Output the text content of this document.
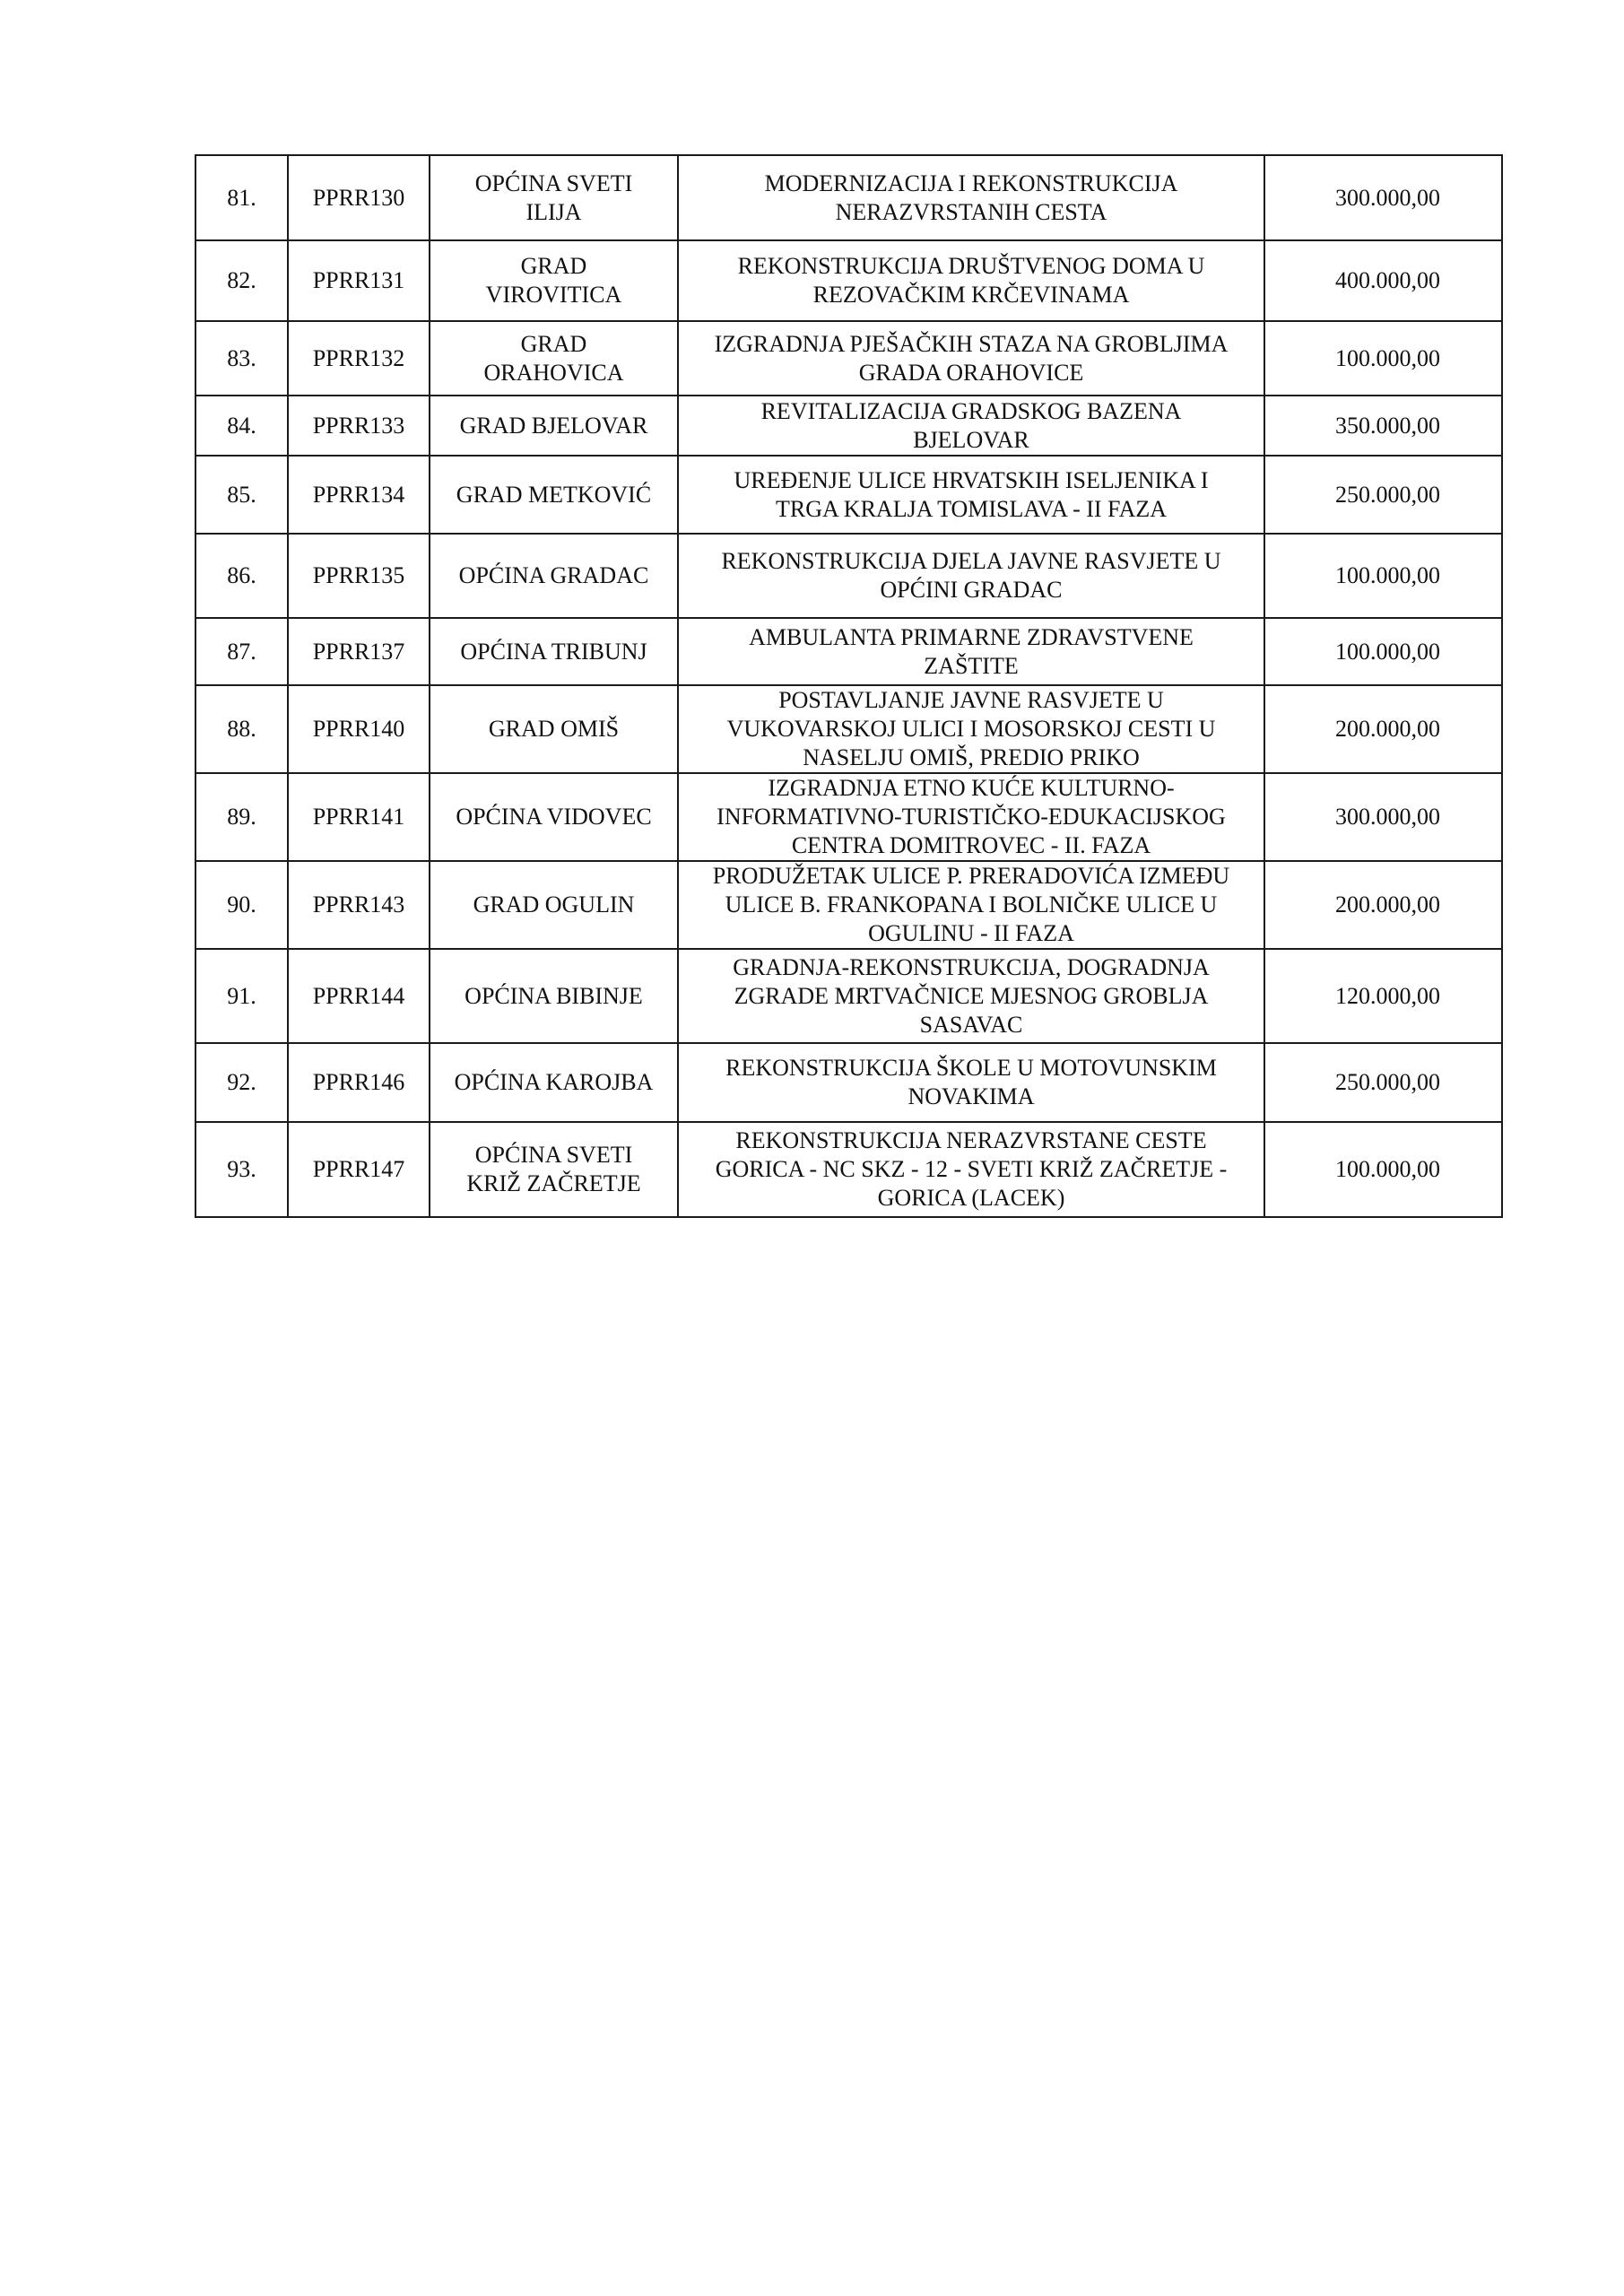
81.	PPRR130	OPĆINA SVETI
ILIJA	MODERNIZACIJA I REKONSTRUKCIJA
NERAZVRSTANIH CESTA	300.000,00
82.	PPRR131	GRAD
VIROVITICA	REKONSTRUKCIJA DRUŠTVENOG DOMA U
REZOVAČKIM KRČEVINAMA	400.000,00
83.	PPRR132	GRAD
ORAHOVICA	IZGRADNJA PJEŠAČKIH STAZA NA GROBLJIMA
GRADA ORAHOVICE	100.000,00
84.	PPRR133	GRAD BJELOVAR	REVITALIZACIJA GRADSKOG BAZENA
BJELOVAR	350.000,00
85.	PPRR134	GRAD METKOVIĆ	UREĐENJE ULICE HRVATSKIH ISELJENIKA I
TRGA KRALJA TOMISLAVA - II FAZA	250.000,00
86.	PPRR135	OPĆINA GRADAC	REKONSTRUKCIJA DJELA JAVNE RASVJETE U
OPĆINI GRADAC	100.000,00
87.	PPRR137	OPĆINA TRIBUNJ	AMBULANTA PRIMARNE ZDRAVSTVENE
ZAŠTITE	100.000,00
88.	PPRR140	GRAD OMIŠ	POSTAVLJANJE JAVNE RASVJETE U
VUKOVARSKOJ ULICI I MOSORSKOJ CESTI U
NASELJU OMIŠ, PREDIO PRIKO	200.000,00
89.	PPRR141	OPĆINA VIDOVEC	IZGRADNJA ETNO KUĆE KULTURNO-
INFORMATIVNO-TURISTIČKO-EDUKACIJSKOG
CENTRA DOMITROVEC - II. FAZA	300.000,00
90.	PPRR143	GRAD OGULIN	PRODUŽETAK ULICE P. PRERADOVIĆA IZMEĐU
ULICE B. FRANKOPANA I BOLNIČKE ULICE U
OGULINU - II FAZA	200.000,00
91.	PPRR144	OPĆINA BIBINJE	GRADNJA-REKONSTRUKCIJA, DOGRADNJA
ZGRADE MRTVAČNICE MJESNOG GROBLJA
SASAVAC	120.000,00
92.	PPRR146	OPĆINA KAROJBA	REKONSTRUKCIJA ŠKOLE U MOTOVUNSKIM
NOVAKIMA	250.000,00
93.	PPRR147	OPĆINA SVETI
KRIŽ ZAČRETJE	REKONSTRUKCIJA NERAZVRSTANE CESTE
GORICA - NC SKZ - 12 - SVETI KRIŽ ZAČRETJE -
GORICA (LACEK)	100.000,00
